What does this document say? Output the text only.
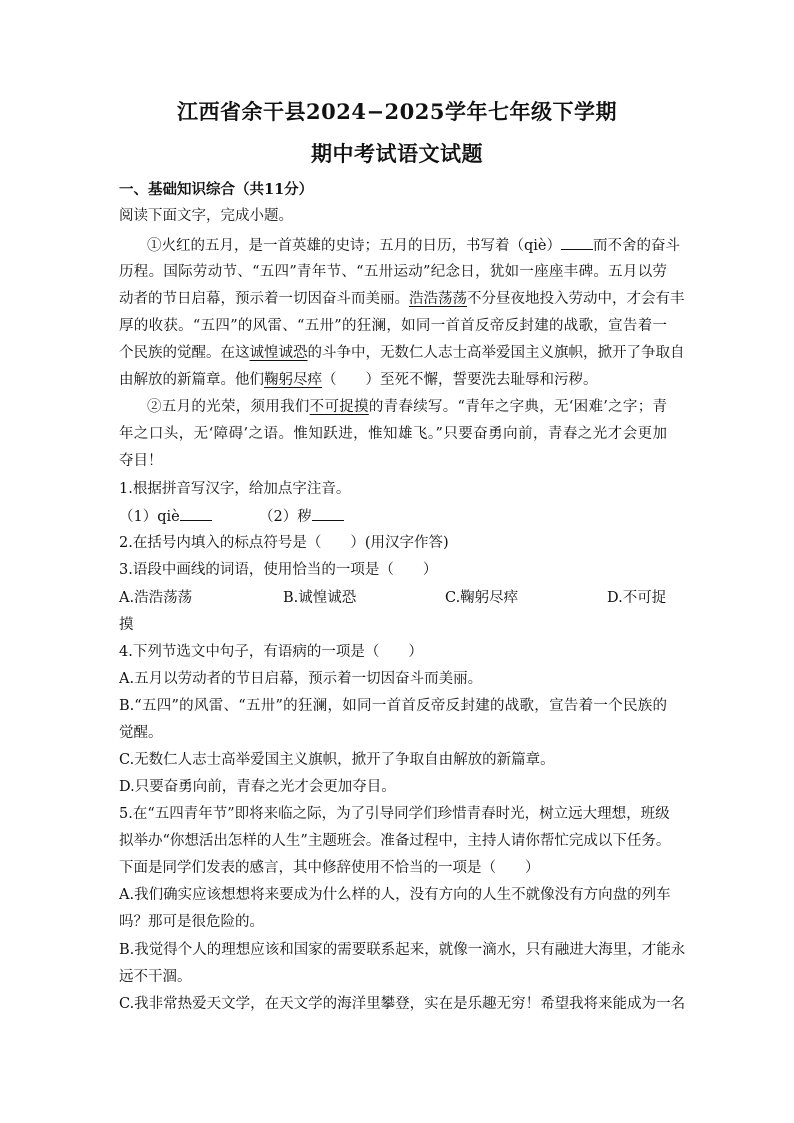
江西省余干县2024−2025学年七年级下学期
期中考试语文试题
一、基础知识综合（共11分）
阅读下面文字，完成小题。
①火红的五月，是一首英雄的史诗；五月的日历，书写着（qiè） 而不舍的奋斗
历程。国际劳动节、“五四”青年节、“五卅运动”纪念日，犹如一座座丰碑。五月以劳
动者的节日启幕，预示着一切因奋斗而美丽。浩浩荡荡不分昼夜地投入劳动中，才会有丰
厚的收获。“五四”的风雷、“五卅”的狂澜，如同一首首反帝反封建的战歌，宣告着一
个民族的觉醒。在这诚惶诚恐的斗争中，无数仁人志士高举爱国主义旗帜，掀开了争取自
由解放的新篇章。他们鞠躬尽瘁（　　）至死不懈，誓要洗去耻辱和污秽。
②五月的光荣，须用我们不可捉摸的青春续写。“青年之字典，无‘困难’之字；青
年之口头，无‘障碍’之语。惟知跃进，惟知雄飞。”只要奋勇向前，青春之光才会更加
夺目！
1.根据拼音写汉字，给加点字注音。
（1）qiè	（2）秽
2.在括号内填入的标点符号是（　　）(用汉字作答)
3.语段中画线的词语，使用恰当的一项是（　　）
A.浩浩荡荡	B.诚惶诚恐	C.鞠躬尽瘁	D.不可捉
摸
4.下列节选文中句子，有语病的一项是（　　）
A.五月以劳动者的节日启幕，预示着一切因奋斗而美丽。
B.“五四”的风雷、“五卅”的狂澜，如同一首首反帝反封建的战歌，宣告着一个民族的
觉醒。
C.无数仁人志士高举爱国主义旗帜，掀开了争取自由解放的新篇章。
D.只要奋勇向前，青春之光才会更加夺目。
5.在“五四青年节”即将来临之际，为了引导同学们珍惜青春时光，树立远大理想，班级
拟举办“你想活出怎样的人生”主题班会。准备过程中，主持人请你帮忙完成以下任务。
下面是同学们发表的感言，其中修辞使用不恰当的一项是（　　）
A.我们确实应该想想将来要成为什么样的人，没有方向的人生不就像没有方向盘的列车
吗？那可是很危险的。
B.我觉得个人的理想应该和国家的需要联系起来，就像一滴水，只有融进大海里，才能永
远不干涸。
C.我非常热爱天文学，在天文学的海洋里攀登，实在是乐趣无穷！希望我将来能成为一名
